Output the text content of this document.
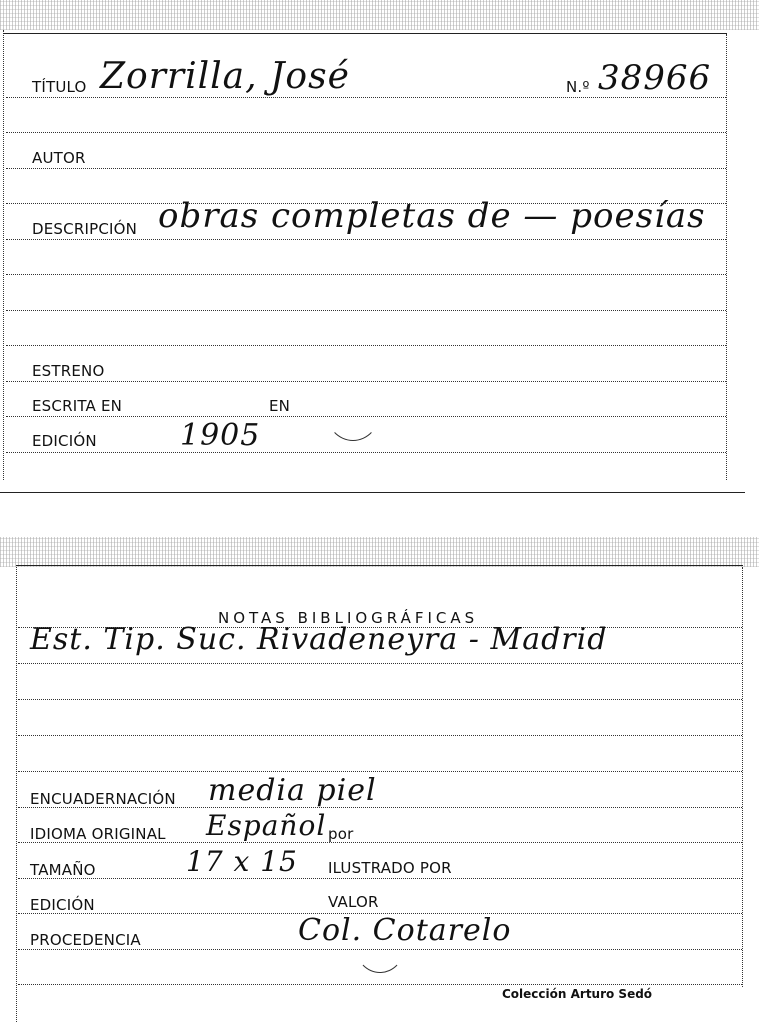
TÍTULO Zorrilla, José	N.º 38966
AUTOR
DESCRIPCIÓN obras completas de — poesías
ESTRENO
ESCRITA EN	EN
EDICIÓN	1905
NOTAS BIBLIOGRÁFICAS
Est. Tip. Suc. Rivadeneyra - Madrid
ENCUADERNACIÓN media piel
IDIOMA ORIGINAL Español por
TAMAÑO	17 x 15 ILUSTRADO POR
EDICIÓN	VALOR
PROCEDENCIA	Col. Cotarelo
Colección Arturo Sedó
